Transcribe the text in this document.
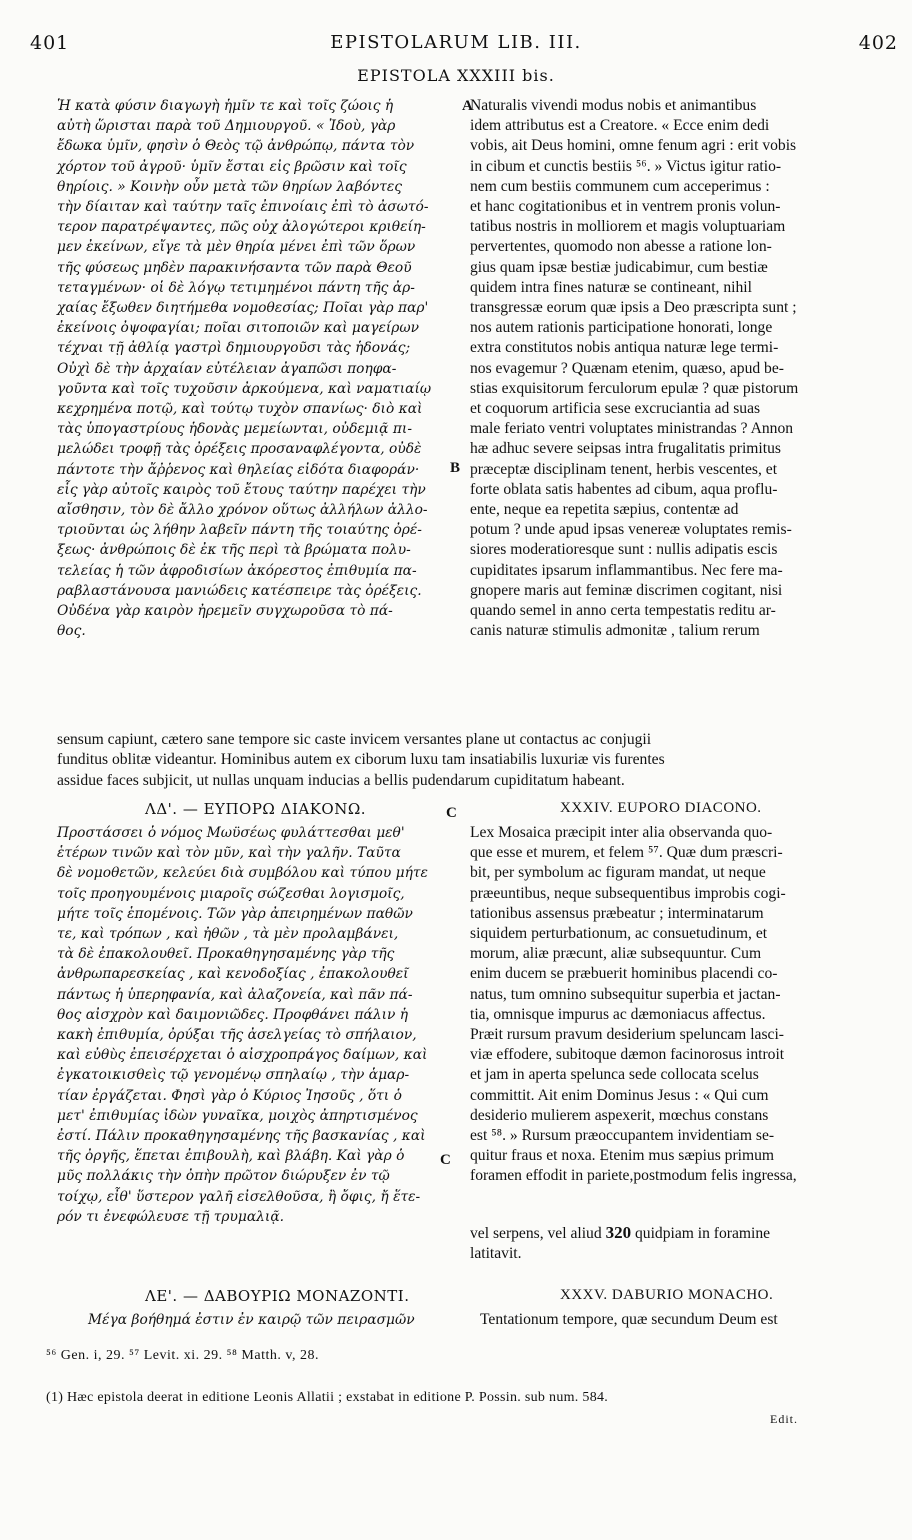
401	EPISTOLARUM LIB. III.	402
EPISTOLA XXXIII bis.
Ἡ κατὰ φύσιν διαγωγὴ ἡμῖν τε καὶ τοῖς ζώοις ἡ
αὐτὴ ὥρισται παρὰ τοῦ Δημιουργοῦ. « Ἰδοὺ, γὰρ
ἔδωκα ὑμῖν, φησὶν ὁ Θεὸς τῷ ἀνθρώπῳ, πάντα τὸν
χόρτον τοῦ ἀγροῦ· ὑμῖν ἔσται εἰς βρῶσιν καὶ τοῖς
θηρίοις. » Κοινὴν οὖν μετὰ τῶν θηρίων λαβόντες
τὴν δίαιταν καὶ ταύτην ταῖς ἐπινοίαις ἐπὶ τὸ ἀσωτό-
τερον παρατρέψαντες, πῶς οὐχ ἀλογώτεροι κριθείη-
μεν ἐκείνων, εἴγε τὰ μὲν θηρία μένει ἐπὶ τῶν ὅρων
τῆς φύσεως μηδὲν παρακινήσαντα τῶν παρὰ Θεοῦ
τεταγμένων· οἱ δὲ λόγῳ τετιμημένοι πάντη τῆς ἀρ-
χαίας ἔξωθεν διητήμεθα νομοθεσίας; Ποῖαι γὰρ παρ'
ἐκείνοις ὀψοφαγίαι; ποῖαι σιτοποιῶν καὶ μαγείρων
τέχναι τῇ ἀθλίᾳ γαστρὶ δημιουργοῦσι τὰς ἡδονάς;
Οὐχὶ δὲ τὴν ἀρχαίαν εὐτέλειαν ἀγαπῶσι ποηφα-
γοῦντα καὶ τοῖς τυχοῦσιν ἀρκούμενα, καὶ ναματιαίῳ
κεχρημένα ποτῷ, καὶ τούτῳ τυχὸν σπανίως· διὸ καὶ
τὰς ὑπογαστρίους ἡδονὰς μεμείωνται, οὐδεμιᾷ πι-
μελώδει τροφῇ τὰς ὀρέξεις προσαναφλέγοντα, οὐδὲ
πάντοτε τὴν ἄῤῥενος καὶ θηλείας εἰδότα διαφοράν·
εἷς γὰρ αὐτοῖς καιρὸς τοῦ ἔτους ταύτην παρέχει τὴν
αἴσθησιν, τὸν δὲ ἄλλο χρόνον οὕτως ἀλλήλων ἀλλο-
τριοῦνται ὡς λήθην λαβεῖν πάντη τῆς τοιαύτης ὀρέ-
ξεως· ἀνθρώποις δὲ ἐκ τῆς περὶ τὰ βρώματα πολυ-
τελείας ἡ τῶν ἀφροδισίων ἀκόρεστος ἐπιθυμία πα-
ραβλαστάνουσα μανιώδεις κατέσπειρε τὰς ὀρέξεις.
Οὐδένα γὰρ καιρὸν ἠρεμεῖν συγχωροῦσα τὸ πά-
θος.
Naturalis vivendi modus nobis et animantibus
idem attributus est a Creatore. « Ecce enim dedi
vobis, ait Deus homini, omne fenum agri : erit vobis
in cibum et cunctis bestiis ⁵⁶. » Victus igitur ratio-
nem cum bestiis communem cum acceperimus :
et hanc cogitationibus et in ventrem pronis volun-
tatibus nostris in molliorem et magis voluptuariam
pervertentes, quomodo non abesse a ratione lon-
gius quam ipsæ bestiæ judicabimur, cum bestiæ
quidem intra fines naturæ se contineant, nihil
transgressæ eorum quæ ipsis a Deo præscripta sunt ;
nos autem rationis participatione honorati, longe
extra constitutos nobis antiqua naturæ lege termi-
nos evagemur ? Quænam etenim, quæso, apud be-
stias exquisitorum ferculorum epulæ ? quæ pistorum
et coquorum artificia sese excruciantia ad suas
male feriato ventri voluptates ministrandas ? Annon
hæ adhuc severe seipsas intra frugalitatis primitus
præceptæ disciplinam tenent, herbis vescentes, et
forte oblata satis habentes ad cibum, aqua proflu-
ente, neque ea repetita sæpius, contentæ ad
potum ? unde apud ipsas venereæ voluptates remis-
siores moderatioresque sunt : nullis adipatis escis
cupiditates ipsarum inflammantibus. Nec fere ma-
gnopere maris aut feminæ discrimen cogitant, nisi
quando semel in anno certa tempestatis reditu ar-
canis naturæ stimulis admonitæ , talium rerum
A
B
C
C
sensum capiunt, cætero sane tempore sic caste invicem versantes plane ut contactus ac conjugii
funditus oblitæ videantur. Hominibus autem ex ciborum luxu tam insatiabilis luxuriæ vis furentes
assidue faces subjicit, ut nullas unquam inducias a bellis pudendarum cupiditatum habeant.
ΛΔ'. — ΕΥΠΟΡΩ ΔΙΑΚΟΝΩ.	XXXIV. EUPORO DIACONO.
Προστάσσει ὁ νόμος Μωϋσέως φυλάττεσθαι μεθ'
ἑτέρων τινῶν καὶ τὸν μῦν, καὶ τὴν γαλῆν. Ταῦτα
δὲ νομοθετῶν, κελεύει διὰ συμβόλου καὶ τύπου μήτε
τοῖς προηγουμένοις μιαροῖς σώζεσθαι λογισμοῖς,
μήτε τοῖς ἑπομένοις. Τῶν γὰρ ἀπειρημένων παθῶν
τε, καὶ τρόπων , καὶ ἠθῶν , τὰ μὲν προλαμβάνει,
τὰ δὲ ἐπακολουθεῖ. Προκαθηγησαμένης γὰρ τῆς
ἀνθρωπαρεσκείας , καὶ κενοδοξίας , ἐπακολουθεῖ
πάντως ἡ ὑπερηφανία, καὶ ἀλαζονεία, καὶ πᾶν πά-
θος αἰσχρὸν καὶ δαιμονιῶδες. Προφθάνει πάλιν ἡ
κακὴ ἐπιθυμία, ὀρύξαι τῆς ἀσελγείας τὸ σπήλαιον,
καὶ εὐθὺς ἐπεισέρχεται ὁ αἰσχροπράγος δαίμων, καὶ
ἐγκατοικισθεὶς τῷ γενομένῳ σπηλαίῳ , τὴν ἁμαρ-
τίαν ἐργάζεται. Φησὶ γὰρ ὁ Κύριος Ἰησοῦς , ὅτι ὁ
μετ' ἐπιθυμίας ἰδὼν γυναῖκα, μοιχὸς ἀπηρτισμένος
ἐστί. Πάλιν προκαθηγησαμένης τῆς βασκανίας , καὶ
τῆς ὀργῆς, ἕπεται ἐπιβουλὴ, καὶ βλάβη. Καὶ γὰρ ὁ
μῦς πολλάκις τὴν ὀπὴν πρῶτον διώρυξεν ἐν τῷ
τοίχῳ, εἶθ' ὕστερον γαλῆ εἰσελθοῦσα, ἢ ὄφις, ἤ ἕτε-
ρόν τι ἐνεφώλευσε τῇ τρυμαλιᾷ.
Lex Mosaica præcipit inter alia observanda quo-
que esse et murem, et felem ⁵⁷. Quæ dum præscri-
bit, per symbolum ac figuram mandat, ut neque
præeuntibus, neque subsequentibus improbis cogi-
tationibus assensus præbeatur ; interminatarum
siquidem perturbationum, ac consuetudinum, et
morum, aliæ præcunt, aliæ subsequuntur. Cum
enim ducem se præbuerit hominibus placendi co-
natus, tum omnino subsequitur superbia et jactan-
tia, omnisque impurus ac dæmoniacus affectus.
Præit rursum pravum desiderium speluncam lasci-
viæ effodere, subitoque dæmon facinorosus introit
et jam in aperta spelunca sede collocata scelus
committit. Ait enim Dominus Jesus : « Qui cum
desiderio mulierem aspexerit, mœchus constans
est ⁵⁸. » Rursum præoccupantem invidentiam se-
quitur fraus et noxa. Etenim mus sæpius primum
foramen effodit in pariete,postmodum felis ingressa,
vel serpens, vel aliud 320 quidpiam in foramine
latitavit.
ΛΕ'. — ΔΑΒΟΥΡΙΩ ΜΟΝΑΖΟΝΤΙ.	XXXV. DABURIO MONACHO.
Μέγα βοήθημά ἐστιν ἐν καιρῷ τῶν πειρασμῶν	Tentationum tempore, quæ secundum Deum est
⁵⁶ Gen. i, 29. ⁵⁷ Levit. xi. 29. ⁵⁸ Matth. v, 28.
(1) Hæc epistola deerat in editione Leonis Allatii ; exstabat in editione P. Possin. sub num. 584.
Edit.
